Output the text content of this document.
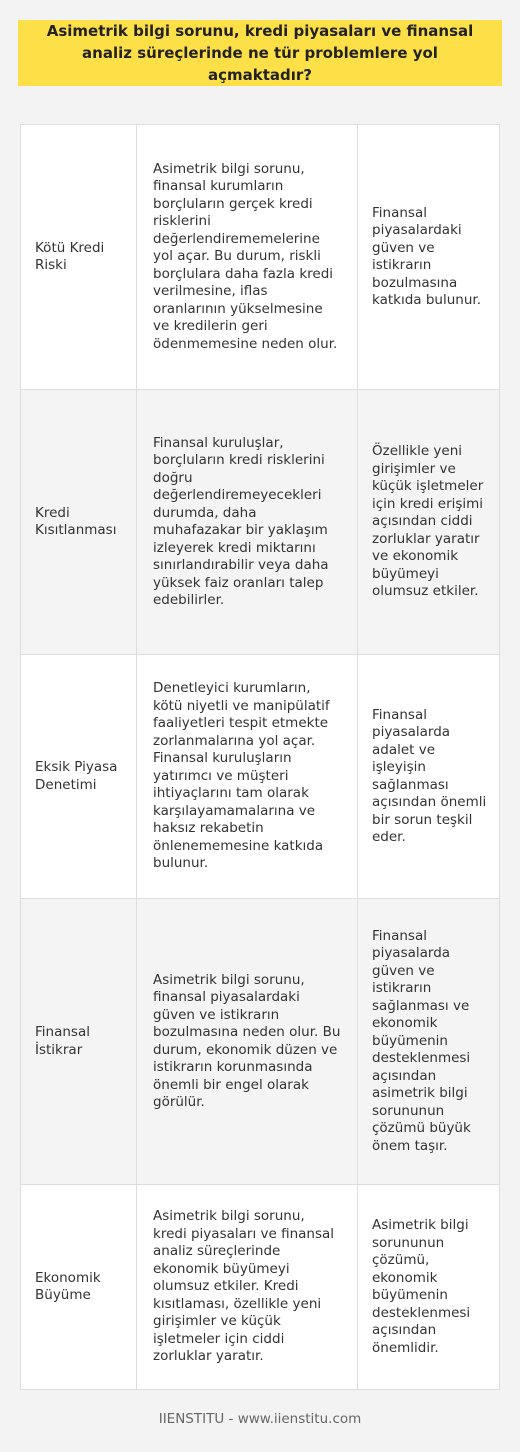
Asimetrik bilgi sorunu, kredi piyasaları ve finansal analiz süreçlerinde ne tür problemlere yol açmaktadır?
Kötü Kredi Riski
Asimetrik bilgi sorunu, finansal kurumların borçluların gerçek kredi risklerini değerlendirememelerine yol açar. Bu durum, riskli borçlulara daha fazla kredi verilmesine, iflas oranlarının yükselmesine ve kredilerin geri ödenmemesine neden olur.
Finansal piyasalardaki güven ve istikrarın bozulmasına katkıda bulunur.
Kredi Kısıtlanması
Finansal kuruluşlar, borçluların kredi risklerini doğru değerlendiremeyecekleri durumda, daha muhafazakar bir yaklaşım izleyerek kredi miktarını sınırlandırabilir veya daha yüksek faiz oranları talep edebilirler.
Özellikle yeni girişimler ve küçük işletmeler için kredi erişimi açısından ciddi zorluklar yaratır ve ekonomik büyümeyi olumsuz etkiler.
Eksik Piyasa Denetimi
Denetleyici kurumların, kötü niyetli ve manipülatif faaliyetleri tespit etmekte zorlanmalarına yol açar. Finansal kuruluşların yatırımcı ve müşteri ihtiyaçlarını tam olarak karşılayamamalarına ve haksız rekabetin önlenememesine katkıda bulunur.
Finansal piyasalarda adalet ve işleyişin sağlanması açısından önemli bir sorun teşkil eder.
Finansal İstikrar
Asimetrik bilgi sorunu, finansal piyasalardaki güven ve istikrarın bozulmasına neden olur. Bu durum, ekonomik düzen ve istikrarın korunmasında önemli bir engel olarak görülür.
Finansal piyasalarda güven ve istikrarın sağlanması ve ekonomik büyümenin desteklenmesi açısından asimetrik bilgi sorununun çözümü büyük önem taşır.
Ekonomik Büyüme
Asimetrik bilgi sorunu, kredi piyasaları ve finansal analiz süreçlerinde ekonomik büyümeyi olumsuz etkiler. Kredi kısıtlaması, özellikle yeni girişimler ve küçük işletmeler için ciddi zorluklar yaratır.
Asimetrik bilgi sorununun çözümü, ekonomik büyümenin desteklenmesi açısından önemlidir.
IIENSTITU - www.iienstitu.com
